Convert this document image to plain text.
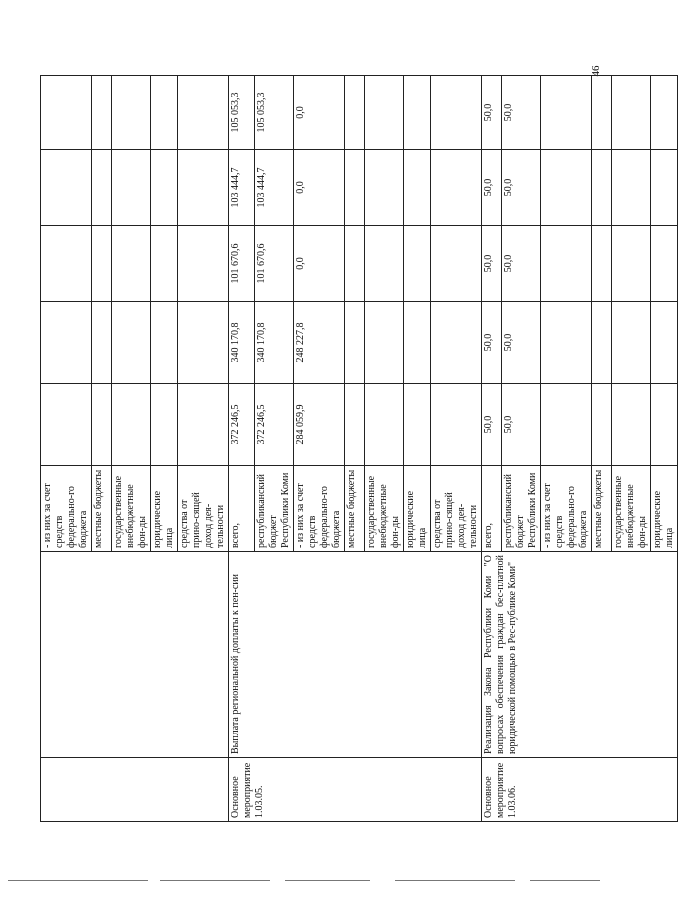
46
		- из них за счет средств федерально-го бюджета					
		местные бюджеты					
		государственные внебюджетные фон-ды					
		юридические лица					
		средства от прино-сящей доход дея-тельности					
Основное мероприятие 1.03.05.	Выплата региональной доплаты к пен-сии	всего,	372 246,5	340 170,8	101 670,6	103 444,7	105 053,3
		республиканский бюджет Республики Коми	372 246,5	340 170,8	101 670,6	103 444,7	105 053,3
		- из них за счет средств федерально-го бюджета	284 059,9	248 227,8	0,0	0,0	0,0
		местные бюджеты					
		государственные внебюджетные фон-ды					
		юридические лица					
		средства от прино-сящей доход дея-тельности					
Основное мероприятие 1.03.06.	Реализация Закона Республики Коми "О вопросах обеспечения граждан бес-платной юридической помощью в Рес-публике Коми"	всего,	50,0	50,0	50,0	50,0	50,0
		республиканский бюджет Республики Коми	50,0	50,0	50,0	50,0	50,0
		- из них за счет средств федерально-го бюджета					
		местные бюджеты					
		государственные внебюджетные фон-ды					
		юридические лица					
